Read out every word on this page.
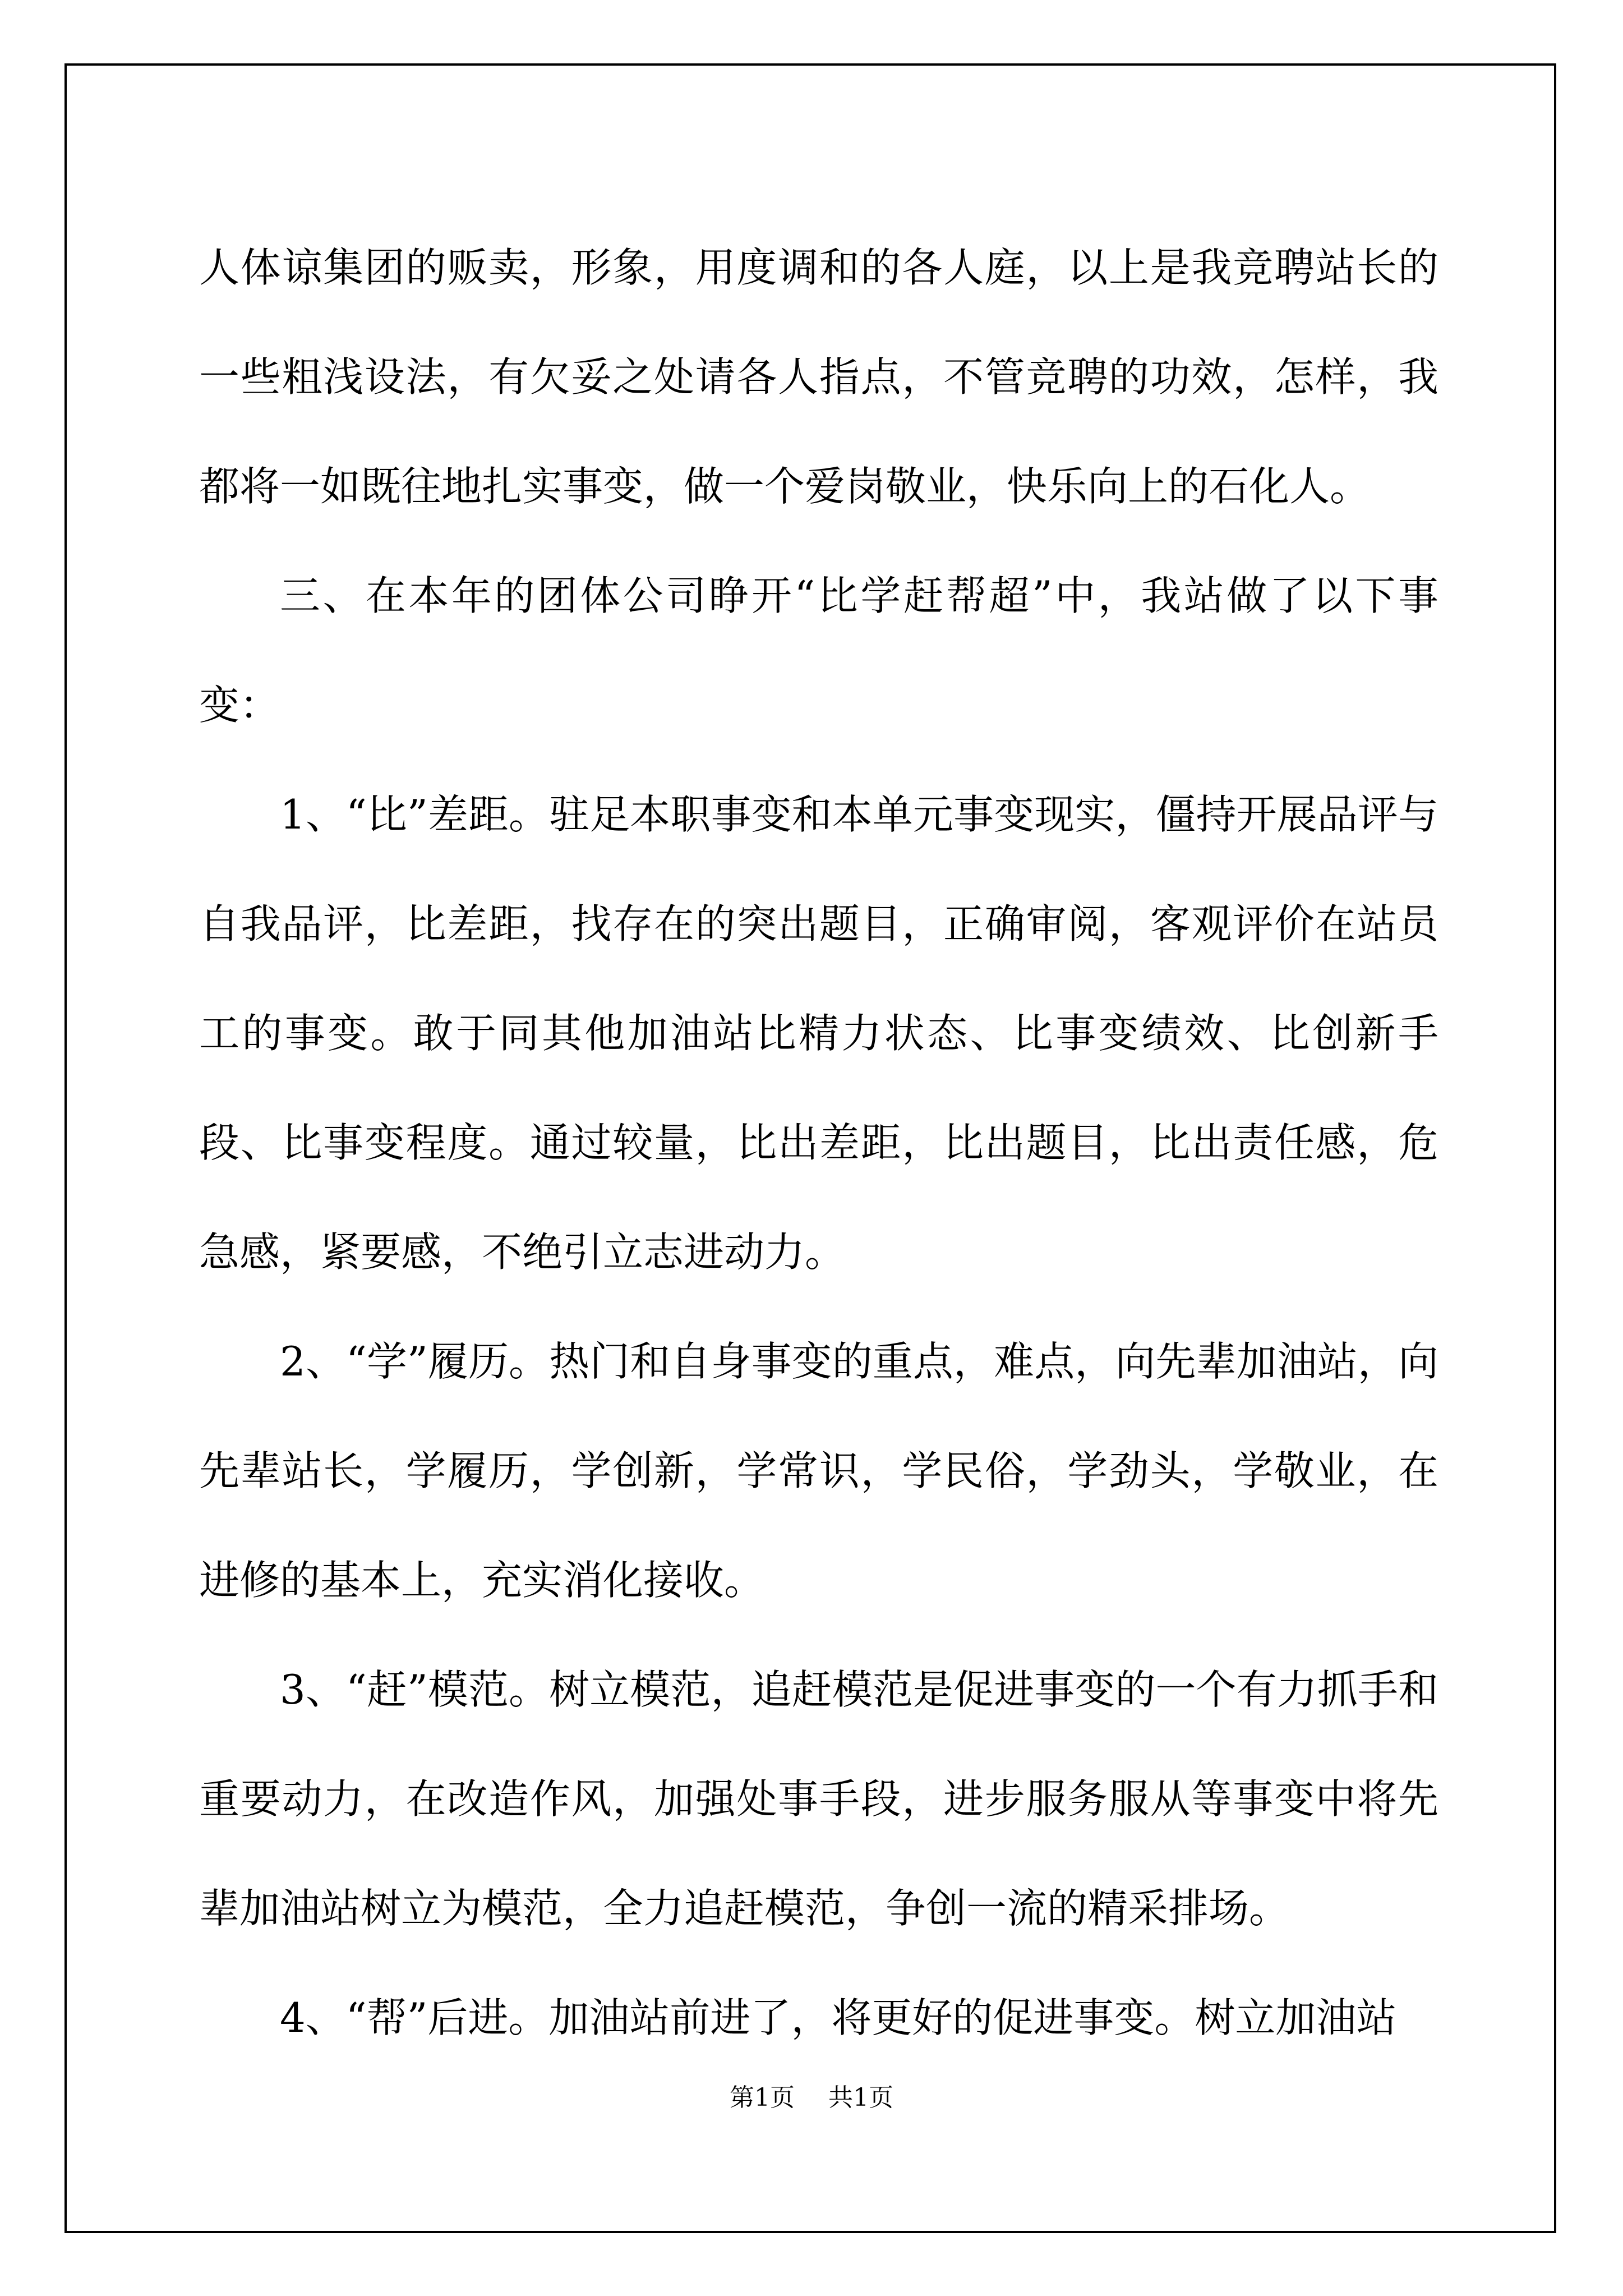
人体谅集团的贩卖，形象，用度调和的各人庭，以上是我竞聘站长的一些粗浅设法，有欠妥之处请各人指点，不管竞聘的功效，怎样，我都将一如既往地扎实事变，做一个爱岗敬业，快乐向上的石化人。

三、在本年的团体公司睁开“比学赶帮超”中，我站做了以下事变：

1、“比”差距。驻足本职事变和本单元事变现实，僵持开展品评与自我品评，比差距，找存在的突出题目，正确审阅，客观评价在站员工的事变。敢于同其他加油站比精力状态、比事变绩效、比创新手段、比事变程度。通过较量，比出差距，比出题目，比出责任感，危急感，紧要感，不绝引立志进动力。

2、“学”履历。热门和自身事变的重点，难点，向先辈加油站，向先辈站长，学履历，学创新，学常识，学民俗，学劲头，学敬业，在进修的基本上，充实消化接收。

3、“赶”模范。树立模范，追赶模范是促进事变的一个有力抓手和重要动力，在改造作风，加强处事手段，进步服务服从等事变中将先辈加油站树立为模范，全力追赶模范，争创一流的精采排场。

4、“帮”后进。加油站前进了，将更好的促进事变。树立加油站

第1页 共1页
